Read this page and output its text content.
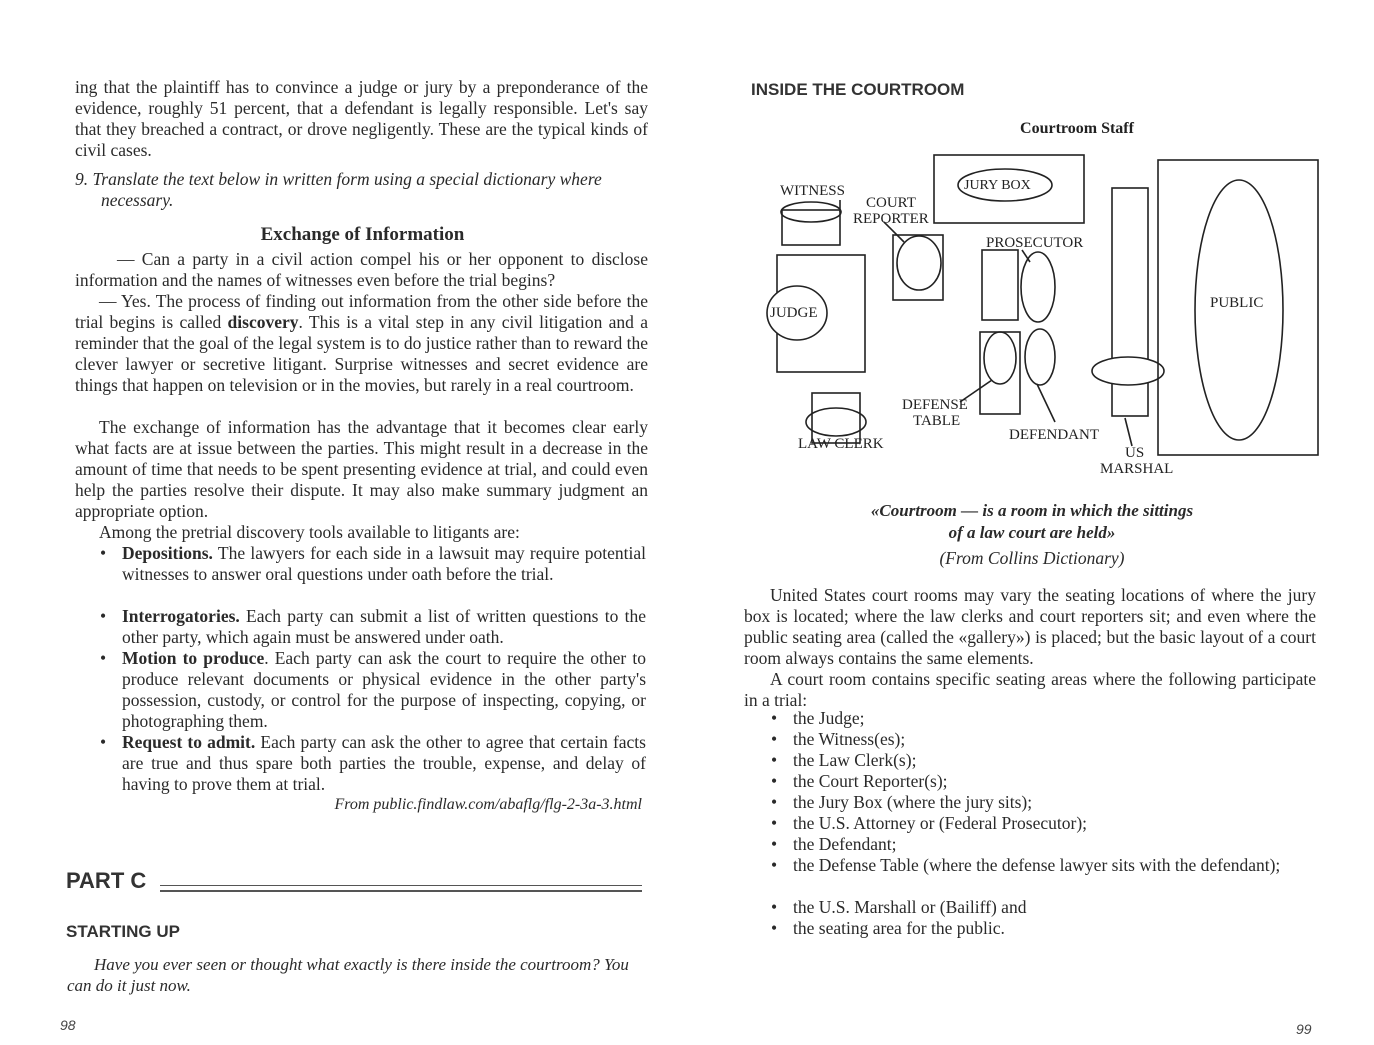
ing that the plaintiff has to convince a judge or jury by a preponderance of the evidence, roughly 51 percent, that a defendant is legally responsible. Let's say that they breached a contract, or drove negligently. These are the typical kinds of civil cases.
9. Translate the text below in written form using a special dictionary where necessary.
Exchange of Information
— Can a party in a civil action compel his or her opponent to disclose information and the names of witnesses even before the trial begins?
— Yes. The process of finding out information from the other side before the trial begins is called discovery. This is a vital step in any civil litigation and a reminder that the goal of the legal system is to do justice rather than to reward the clever lawyer or secretive litigant. Surprise witnesses and secret evidence are things that happen on television or in the movies, but rarely in a real courtroom.
The exchange of information has the advantage that it becomes clear early what facts are at issue between the parties. This might result in a decrease in the amount of time that needs to be spent presenting evidence at trial, and could even help the parties resolve their dispute. It may also make summary judgment an appropriate option.
Among the pretrial discovery tools available to litigants are:
• Depositions. The lawyers for each side in a lawsuit may require potential witnesses to answer oral questions under oath before the trial.
• Interrogatories. Each party can submit a list of written questions to the other party, which again must be answered under oath.
• Motion to produce. Each party can ask the court to require the other to produce relevant documents or physical evidence in the other party's possession, custody, or control for the purpose of inspecting, copying, or photographing them.
• Request to admit. Each party can ask the other to agree that certain facts are true and thus spare both parties the trouble, expense, and delay of having to prove them at trial.
From public.findlaw.com/abaflg/flg-2-3a-3.html
PART C
STARTING UP
Have you ever seen or thought what exactly is there inside the courtroom? You can do it just now.
98
INSIDE THE COURTROOM
Courtroom Staff
WITNESS
COURT
REPORTER
JURY BOX
PROSECUTOR
PUBLIC
JUDGE
DEFENSE
TABLE
LAW CLERK
DEFENDANT
US
MARSHAL
«Courtroom — is a room in which the sittings
of a law court are held»
(From Collins Dictionary)
United States court rooms may vary the seating locations of where the jury box is located; where the law clerks and court reporters sit; and even where the public seating area (called the «gallery») is placed; but the basic layout of a court room always contains the same elements.
A court room contains specific seating areas where the following participate in a trial:
• the Judge;
• the Witness(es);
• the Law Clerk(s);
• the Court Reporter(s);
• the Jury Box (where the jury sits);
• the U.S. Attorney or (Federal Prosecutor);
• the Defendant;
• the Defense Table (where the defense lawyer sits with the defendant);
• the U.S. Marshall or (Bailiff) and
• the seating area for the public.
99
